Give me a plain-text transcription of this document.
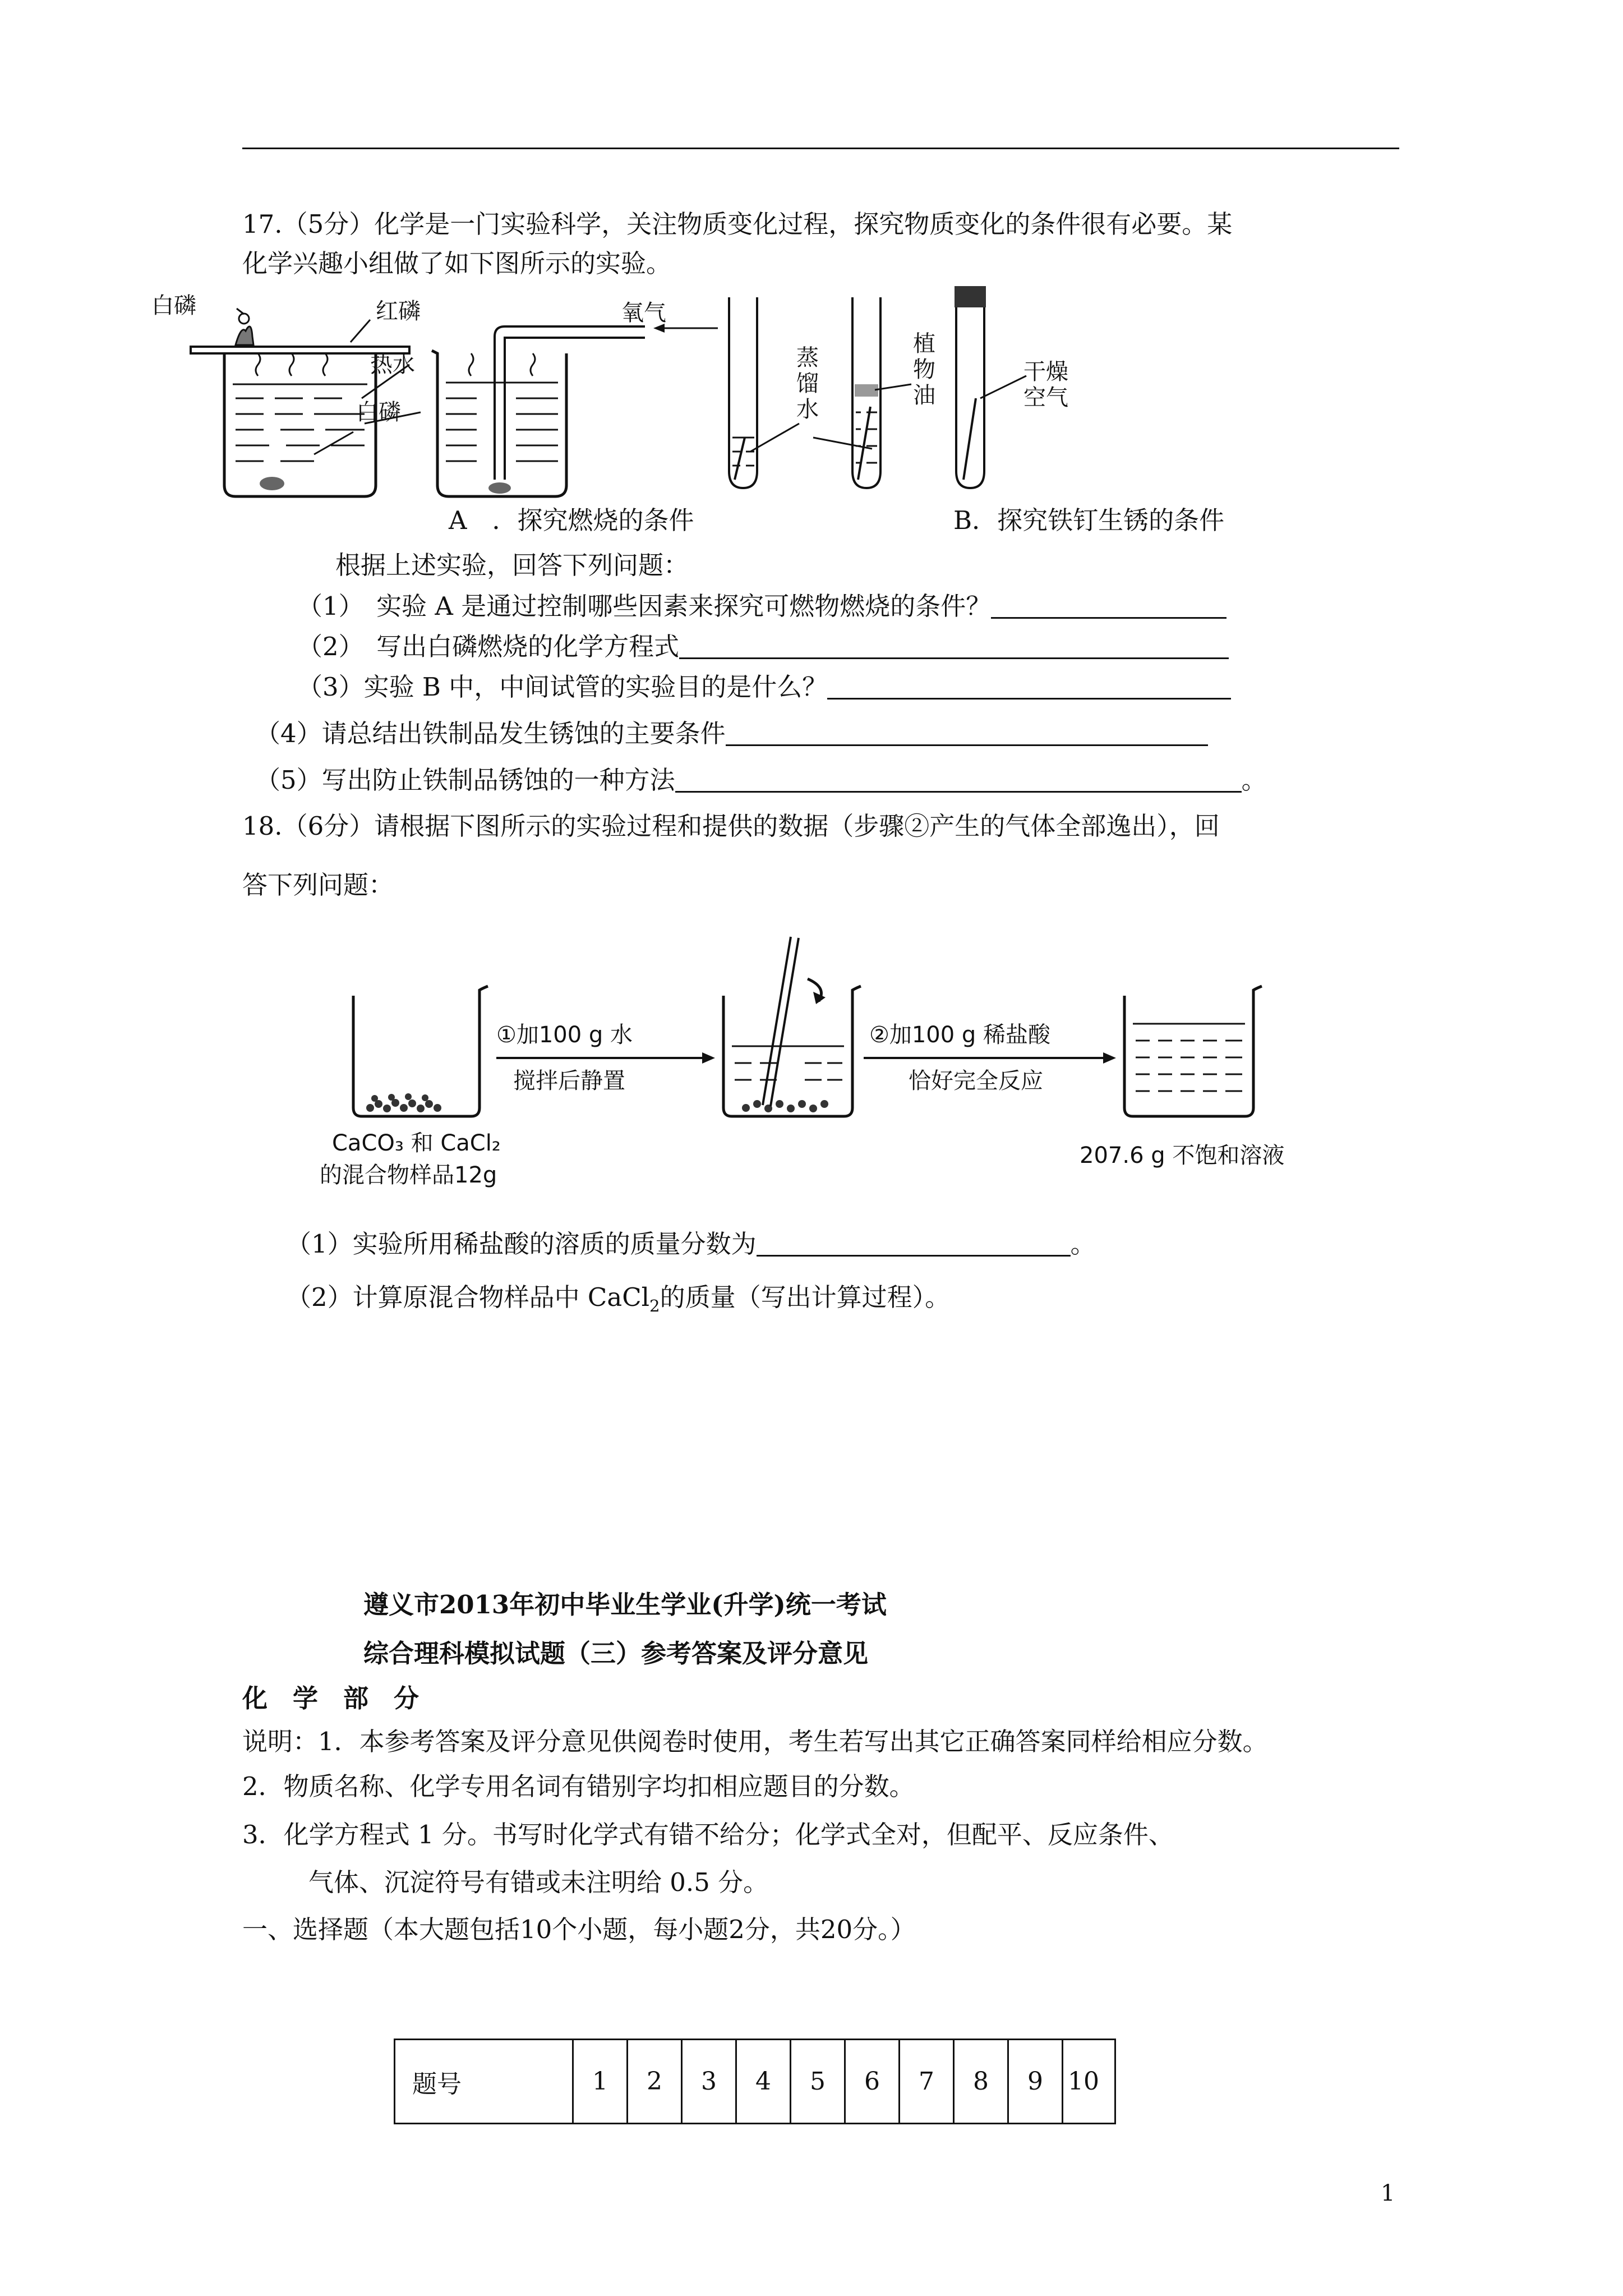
17.（5分）化学是一门实验科学，关注物质变化过程，探究物质变化的条件很有必要。某
化学兴趣小组做了如下图所示的实验。
白磷	红磷	氧气
热水
白磷
蒸馏水
植物油
干燥空气
A　．探究燃烧的条件	B．探究铁钉生锈的条件
根据上述实验，回答下列问题：
（1）　实验 A 是通过控制哪些因素来探究可燃物燃烧的条件？
（2）　写出白磷燃烧的化学方程式
（3）实验 B 中，中间试管的实验目的是什么？
（4）请总结出铁制品发生锈蚀的主要条件
（5）写出防止铁制品锈蚀的一种方法	。
18.（6分）请根据下图所示的实验过程和提供的数据（步骤②产生的气体全部逸出），回
答下列问题：
①加100 g 水
搅拌后静置
②加100 g 稀盐酸
恰好完全反应
CaCO₃ 和 CaCl₂
的混合物样品12g
207.6 g 不饱和溶液
（1）实验所用稀盐酸的溶质的质量分数为	。
（2）计算原混合物样品中 CaCl$_2$的质量（写出计算过程）。
遵义市2013年初中毕业生学业(升学)统一考试
综合理科模拟试题（三）参考答案及评分意见
化　学　部　分
说明：1．本参考答案及评分意见供阅卷时使用，考生若写出其它正确答案同样给相应分数。
2．物质名称、化学专用名词有错别字均扣相应题目的分数。
3．化学方程式 1 分。书写时化学式有错不给分；化学式全对，但配平、反应条件、
气体、沉淀符号有错或未注明给 0.5 分。
一、选择题（本大题包括10个小题，每小题2分，共20分。）
题号	1	2	3	4	5	6	7	8	9	10
1
